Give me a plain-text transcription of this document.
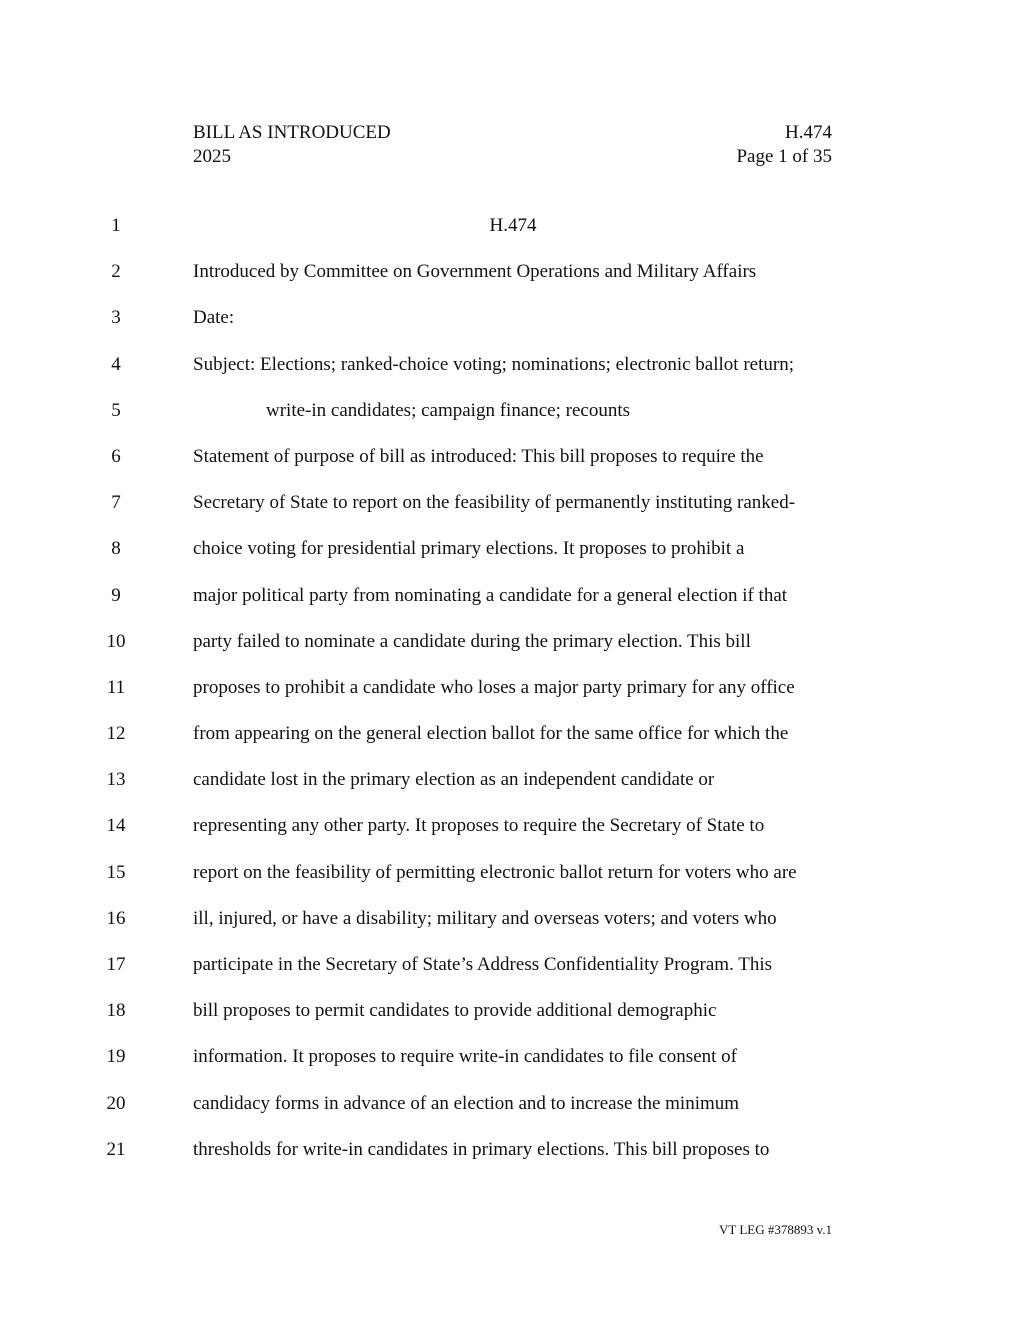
BILL AS INTRODUCED	H.474
2025	Page 1 of 35
1	H.474
2	Introduced by Committee on Government Operations and Military Affairs
3	Date:
4	Subject: Elections; ranked-choice voting; nominations; electronic ballot return;
5	write-in candidates; campaign finance; recounts
6	Statement of purpose of bill as introduced: This bill proposes to require the
7	Secretary of State to report on the feasibility of permanently instituting ranked-
8	choice voting for presidential primary elections. It proposes to prohibit a
9	major political party from nominating a candidate for a general election if that
10	party failed to nominate a candidate during the primary election. This bill
11	proposes to prohibit a candidate who loses a major party primary for any office
12	from appearing on the general election ballot for the same office for which the
13	candidate lost in the primary election as an independent candidate or
14	representing any other party. It proposes to require the Secretary of State to
15	report on the feasibility of permitting electronic ballot return for voters who are
16	ill, injured, or have a disability; military and overseas voters; and voters who
17	participate in the Secretary of State’s Address Confidentiality Program. This
18	bill proposes to permit candidates to provide additional demographic
19	information. It proposes to require write-in candidates to file consent of
20	candidacy forms in advance of an election and to increase the minimum
21	thresholds for write-in candidates in primary elections. This bill proposes to
VT LEG #378893 v.1
